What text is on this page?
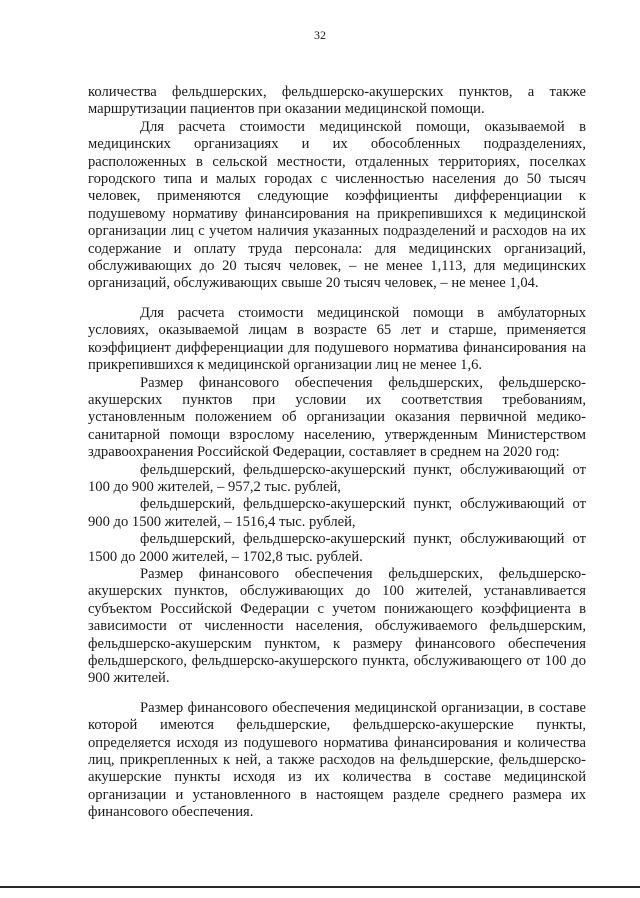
32

количества фельдшерских, фельдшерско-акушерских пунктов, а также маршрутизации пациентов при оказании медицинской помощи.

Для расчета стоимости медицинской помощи, оказываемой в медицинских организациях и их обособленных подразделениях, расположенных в сельской местности, отдаленных территориях, поселках городского типа и малых городах с численностью населения до 50 тысяч человек, применяются следующие коэффициенты дифференциации к подушевому нормативу финансирования на прикрепившихся к медицинской организации лиц с учетом наличия указанных подразделений и расходов на их содержание и оплату труда персонала: для медицинских организаций, обслуживающих до 20 тысяч человек, – не менее 1,113, для медицинских организаций, обслуживающих свыше 20 тысяч человек, – не менее 1,04.

Для расчета стоимости медицинской помощи в амбулаторных условиях, оказываемой лицам в возрасте 65 лет и старше, применяется коэффициент дифференциации для подушевого норматива финансирования на прикрепившихся к медицинской организации лиц не менее 1,6.

Размер финансового обеспечения фельдшерских, фельдшерско-акушерских пунктов при условии их соответствия требованиям, установленным положением об организации оказания первичной медико-санитарной помощи взрослому населению, утвержденным Министерством здравоохранения Российской Федерации, составляет в среднем на 2020 год:

фельдшерский, фельдшерско-акушерский пункт, обслуживающий от 100 до 900 жителей, – 957,2 тыс. рублей,

фельдшерский, фельдшерско-акушерский пункт, обслуживающий от 900 до 1500 жителей, – 1516,4 тыс. рублей,

фельдшерский, фельдшерско-акушерский пункт, обслуживающий от 1500 до 2000 жителей, – 1702,8 тыс. рублей.

Размер финансового обеспечения фельдшерских, фельдшерско-акушерских пунктов, обслуживающих до 100 жителей, устанавливается субъектом Российской Федерации с учетом понижающего коэффициента в зависимости от численности населения, обслуживаемого фельдшерским, фельдшерско-акушерским пунктом, к размеру финансового обеспечения фельдшерского, фельдшерско-акушерского пункта, обслуживающего от 100 до 900 жителей.

Размер финансового обеспечения медицинской организации, в составе которой имеются фельдшерские, фельдшерско-акушерские пункты, определяется исходя из подушевого норматива финансирования и количества лиц, прикрепленных к ней, а также расходов на фельдшерские, фельдшерско-акушерские пункты исходя из их количества в составе медицинской организации и установленного в настоящем разделе среднего размера их финансового обеспечения.
